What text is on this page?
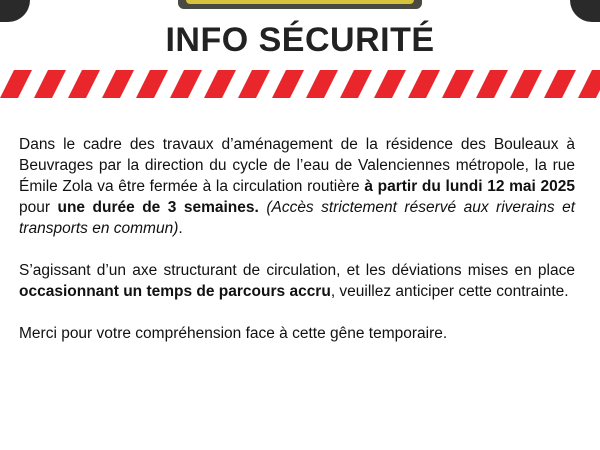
INFO SÉCURITÉ

Dans le cadre des travaux d’aménagement de la résidence des Bouleaux à Beuvrages par la direction du cycle de l’eau de Valenciennes métropole, la rue Émile Zola va être fermée à la circulation routière à partir du lundi 12 mai 2025 pour une durée de 3 semaines. (Accès strictement réservé aux riverains et transports en commun).

S’agissant d’un axe structurant de circulation, et les déviations mises en place occasionnant un temps de parcours accru, veuillez anticiper cette contrainte.

Merci pour votre compréhension face à cette gêne temporaire.
